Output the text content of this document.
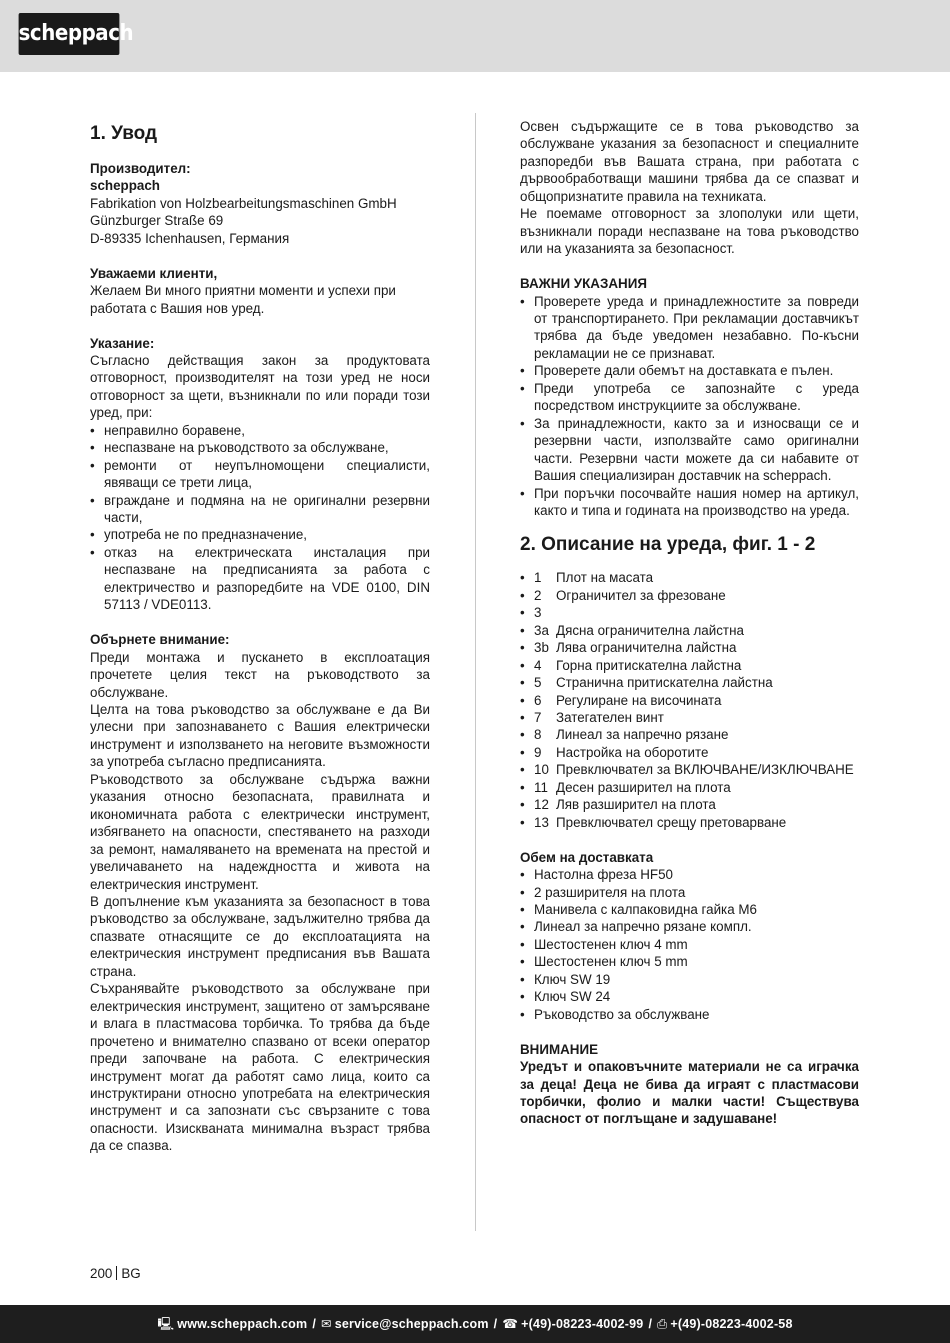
scheppach
1. Увод

Производител:

scheppach

Fabrikation von Holzbearbeitungsmaschinen GmbH

Günzburger Straße 69

D-89335 Ichenhausen, Германия

Уважаеми клиенти,

Желаем Ви много приятни моменти и успехи при работата с Вашия нов уред.

Указание:

Съгласно действащия закон за продуктовата отговорност, производителят на този уред не носи отговорност за щети, възникнали по или поради този уред, при:

• неправилно боравене,
• неспазване на ръководството за обслужване,
• ремонти от неупълномощени специалисти, явяващи се трети лица,
• вграждане и подмяна на не оригинални резервни части,
• употреба не по предназначение,
• отказ на електрическата инсталация при неспазване на предписанията за работа с електричество и разпоредбите на VDE 0100, DIN 57113 / VDE0113.

Обърнете внимание:

Преди монтажа и пускането в експлоатация прочетете целия текст на ръководството за обслужване.

Целта на това ръководство за обслужване е да Ви улесни при запознаването с Вашия електрически инструмент и използването на неговите възможности за употреба съгласно предписанията.

Ръководството за обслужване съдържа важни указания относно безопасната, правилната и икономичната работа с електрически инструмент, избягването на опасности, спестяването на разходи за ремонт, намаляването на времената на престой и увеличаването на надеждността и живота на електрическия инструмент.

В допълнение към указанията за безопасност в това ръководство за обслужване, задължително трябва да спазвате отнасящите се до експлоатацията на електрическия инструмент предписания във Вашата страна.

Съхранявайте ръководството за обслужване при електрическия инструмент, защитено от замърсяване и влага в пластмасова торбичка. То трябва да бъде прочетено и внимателно спазвано от всеки оператор преди започване на работа. С електрическия инструмент могат да работят само лица, които са инструктирани относно употребата на електрическия инструмент и са запознати със свързаните с това опасности. Изискваната минимална възраст трябва да се спазва.

Освен съдържащите се в това ръководство за обслужване указания за безопасност и специалните разпоредби във Вашата страна, при работата с дървообработващи машини трябва да се спазват и общопризнатите правила на техниката.

Не поемаме отговорност за злополуки или щети, възникнали поради неспазване на това ръководство или на указанията за безопасност.

ВАЖНИ УКАЗАНИЯ

• Проверете уреда и принадлежностите за повреди от транспортирането. При рекламации доставчикът трябва да бъде уведомен незабавно. По-късни рекламации не се признават.
• Проверете дали обемът на доставката е пълен.
• Преди употреба се запознайте с уреда посредством инструкциите за обслужване.
• За принадлежности, както за и износващи се и резервни части, използвайте само оригинални части. Резервни части можете да си набавите от Вашия специализиран доставчик на scheppach.
• При поръчки посочвайте нашия номер на артикул, както и типа и годината на производство на уреда.
2. Описание на уреда, фиг. 1 - 2
• 1	Плот на масата
• 2	Ограничител за фрезоване
• 3
• 3a Дясна ограничителна лайстна
• 3b Лява ограничителна лайстна
• 4	Горна притискателна лайстна
• 5	Странична притискателна лайстна
• 6	Регулиране на височината
• 7	Затегателен винт
• 8	Линеал за напречно рязане
• 9	Настройка на оборотите
• 10 Превключвател за ВКЛЮЧВАНЕ/ИЗКЛЮЧВАНЕ
• 11 Десен разширител на плота
• 12 Ляв разширител на плота
• 13 Превключвател срещу претоварване

Обем на доставката

• Настолна фреза HF50
• 2 разширителя на плота
• Манивела с калпаковидна гайка M6
• Линеал за напречно рязане компл.
• Шестостенен ключ 4 mm
• Шестостенен ключ 5 mm
• Ключ SW 19
• Ключ SW 24
• Ръководство за обслужване

ВНИМАНИЕ

Уредът и опаковъчните материали не са играчка за деца! Деца не бива да играят с пластмасови торбички, фолио и малки части! Съществува опасност от поглъщане и задушаване!

200 BG
🖳 www.scheppach.com / ✉ service@scheppach.com / ☎ +(49)-08223-4002-99 / ⎙ +(49)-08223-4002-58
